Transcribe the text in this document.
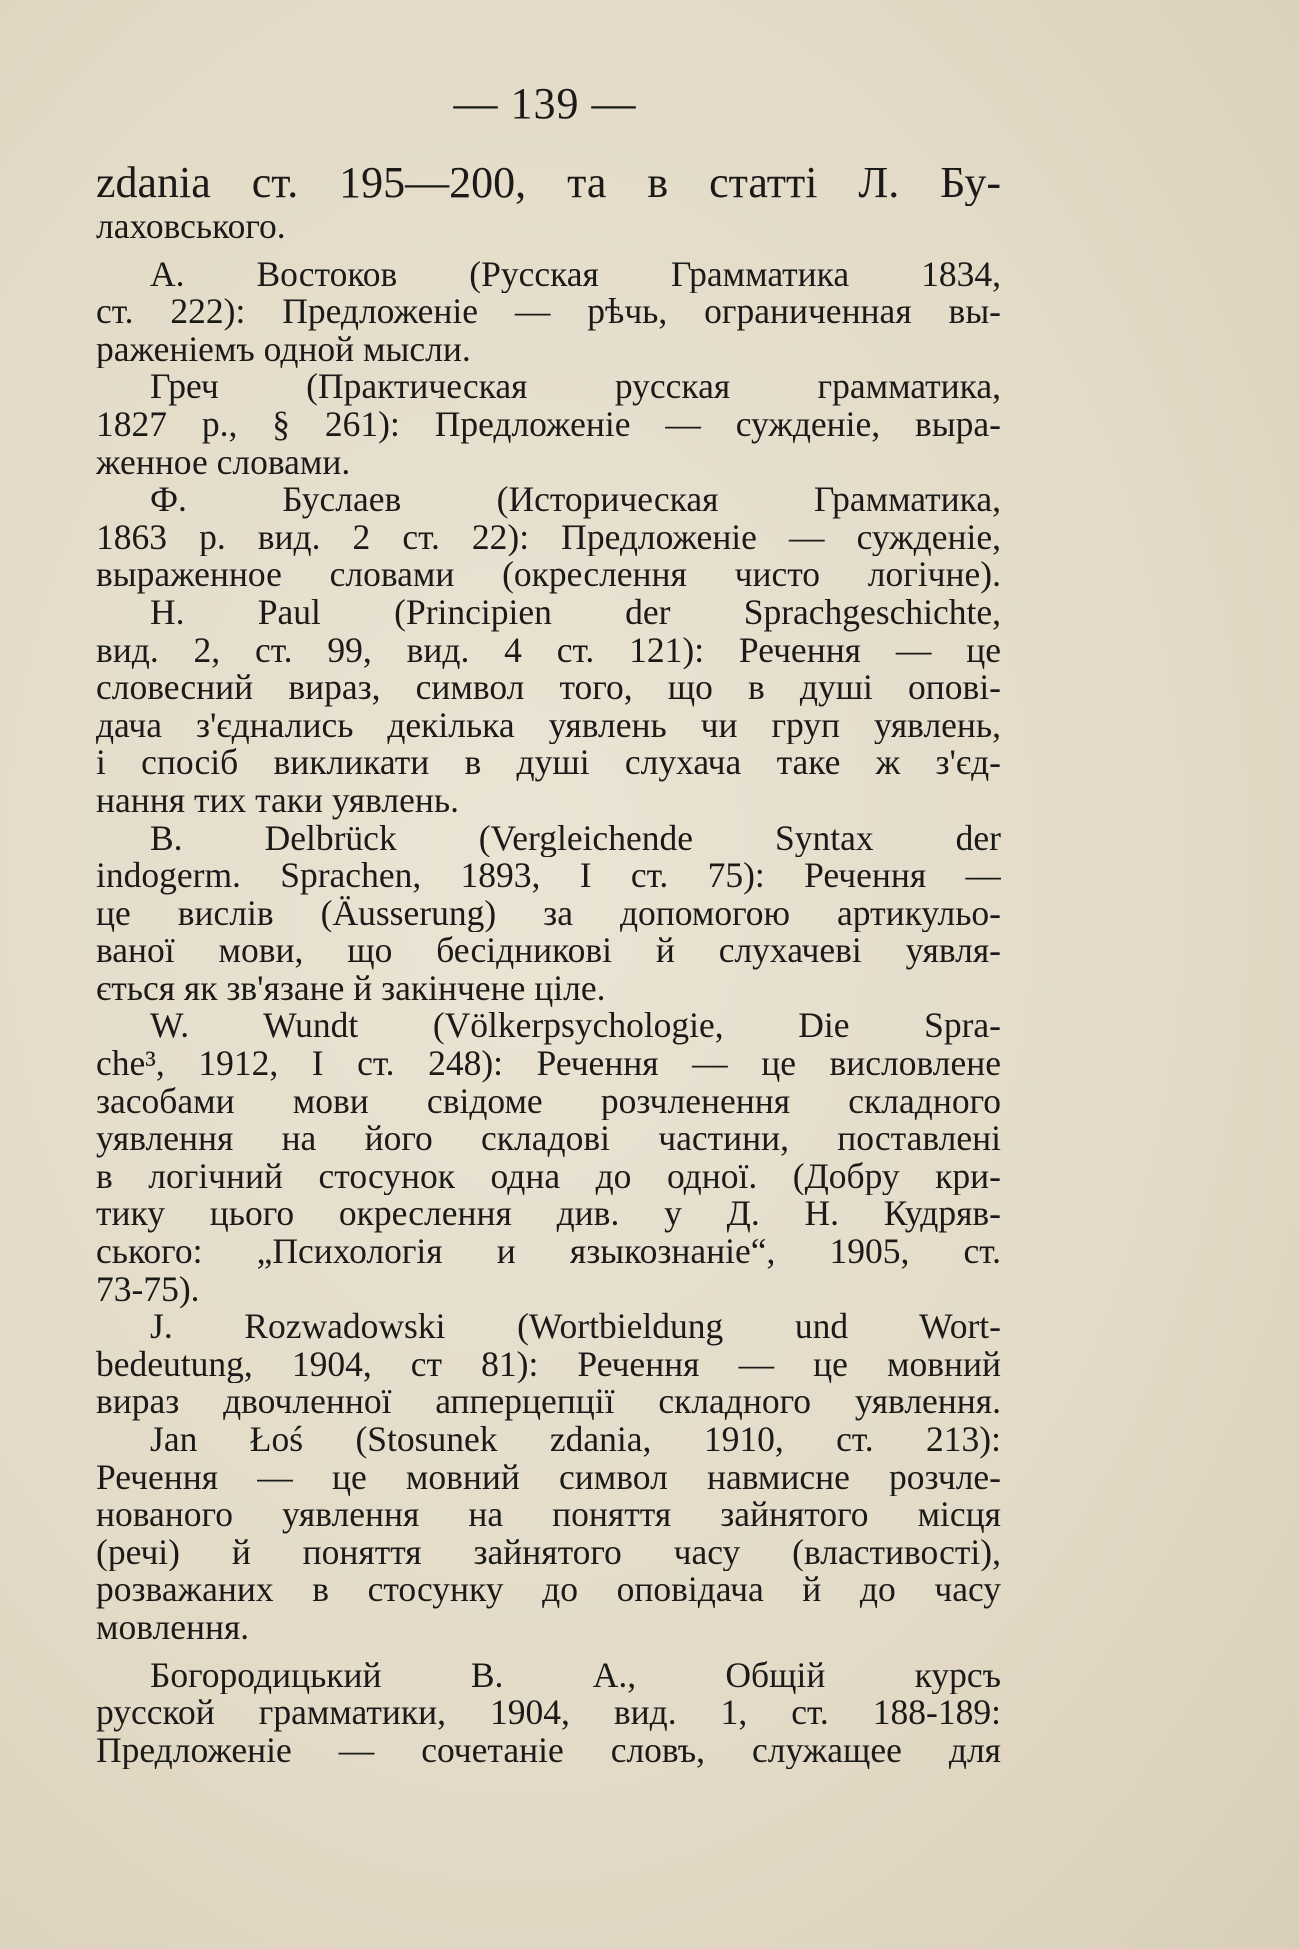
— 139 —
zdania ст. 195—200, та в статті Л. Бу-
лаховського.
А. Востоков (Русская Грамматика 1834,
ст. 222): Предложеніе — рѣчь, ограниченная вы-
раженіемъ одной мысли.
Греч (Практическая русская грамматика,
1827 р., § 261): Предложеніе — сужденіе, выра-
женное словами.
Ф. Буслаев (Историческая Грамматика,
1863 р. вид. 2 ст. 22): Предложеніе — сужденіе,
выраженное словами (окреслення чисто логічне).
H. Paul (Principien der Sprachgeschichte,
вид. 2, ст. 99, вид. 4 ст. 121): Речення — це
словесний вираз, символ того, що в душі опові-
дача з'єднались декілька уявлень чи груп уявлень,
і спосіб викликати в душі слухача таке ж з'єд-
нання тих таки уявлень.
B. Delbrück (Vergleichende Syntax der
indogerm. Sprachen, 1893, I ст. 75): Речення —
це вислів (Äusserung) за допомогою артикульо-
ваної мови, що бесідникові й слухачеві уявля-
ється як зв'язане й закінчене ціле.
W. Wundt (Völkerpsychologie, Die Spra-
che³, 1912, I ст. 248): Речення — це висловлене
засобами мови свідоме розчленення складного
уявлення на його складові частини, поставлені
в логічний стосунок одна до одної. (Добру кри-
тику цього окреслення див. у Д. Н. Кудряв-
ського: „Психологія и языкознаніе“, 1905, ст.
73-75).
J. Rozwadowski (Wortbieldung und Wort-
bedeutung, 1904, ст 81): Речення — це мовний
вираз двочленної апперцепції складного уявлення.
Jan Łoś (Stosunek zdania, 1910, ст. 213):
Речення — це мовний символ навмисне розчле-
нованого уявлення на поняття зайнятого місця
(речі) й поняття зайнятого часу (властивості),
розважаних в стосунку до оповідача й до часу
мовлення.
Богородицький В. А., Общій курсъ
русской грамматики, 1904, вид. 1, ст. 188-189:
Предложеніе — сочетаніе словъ, служащее для
